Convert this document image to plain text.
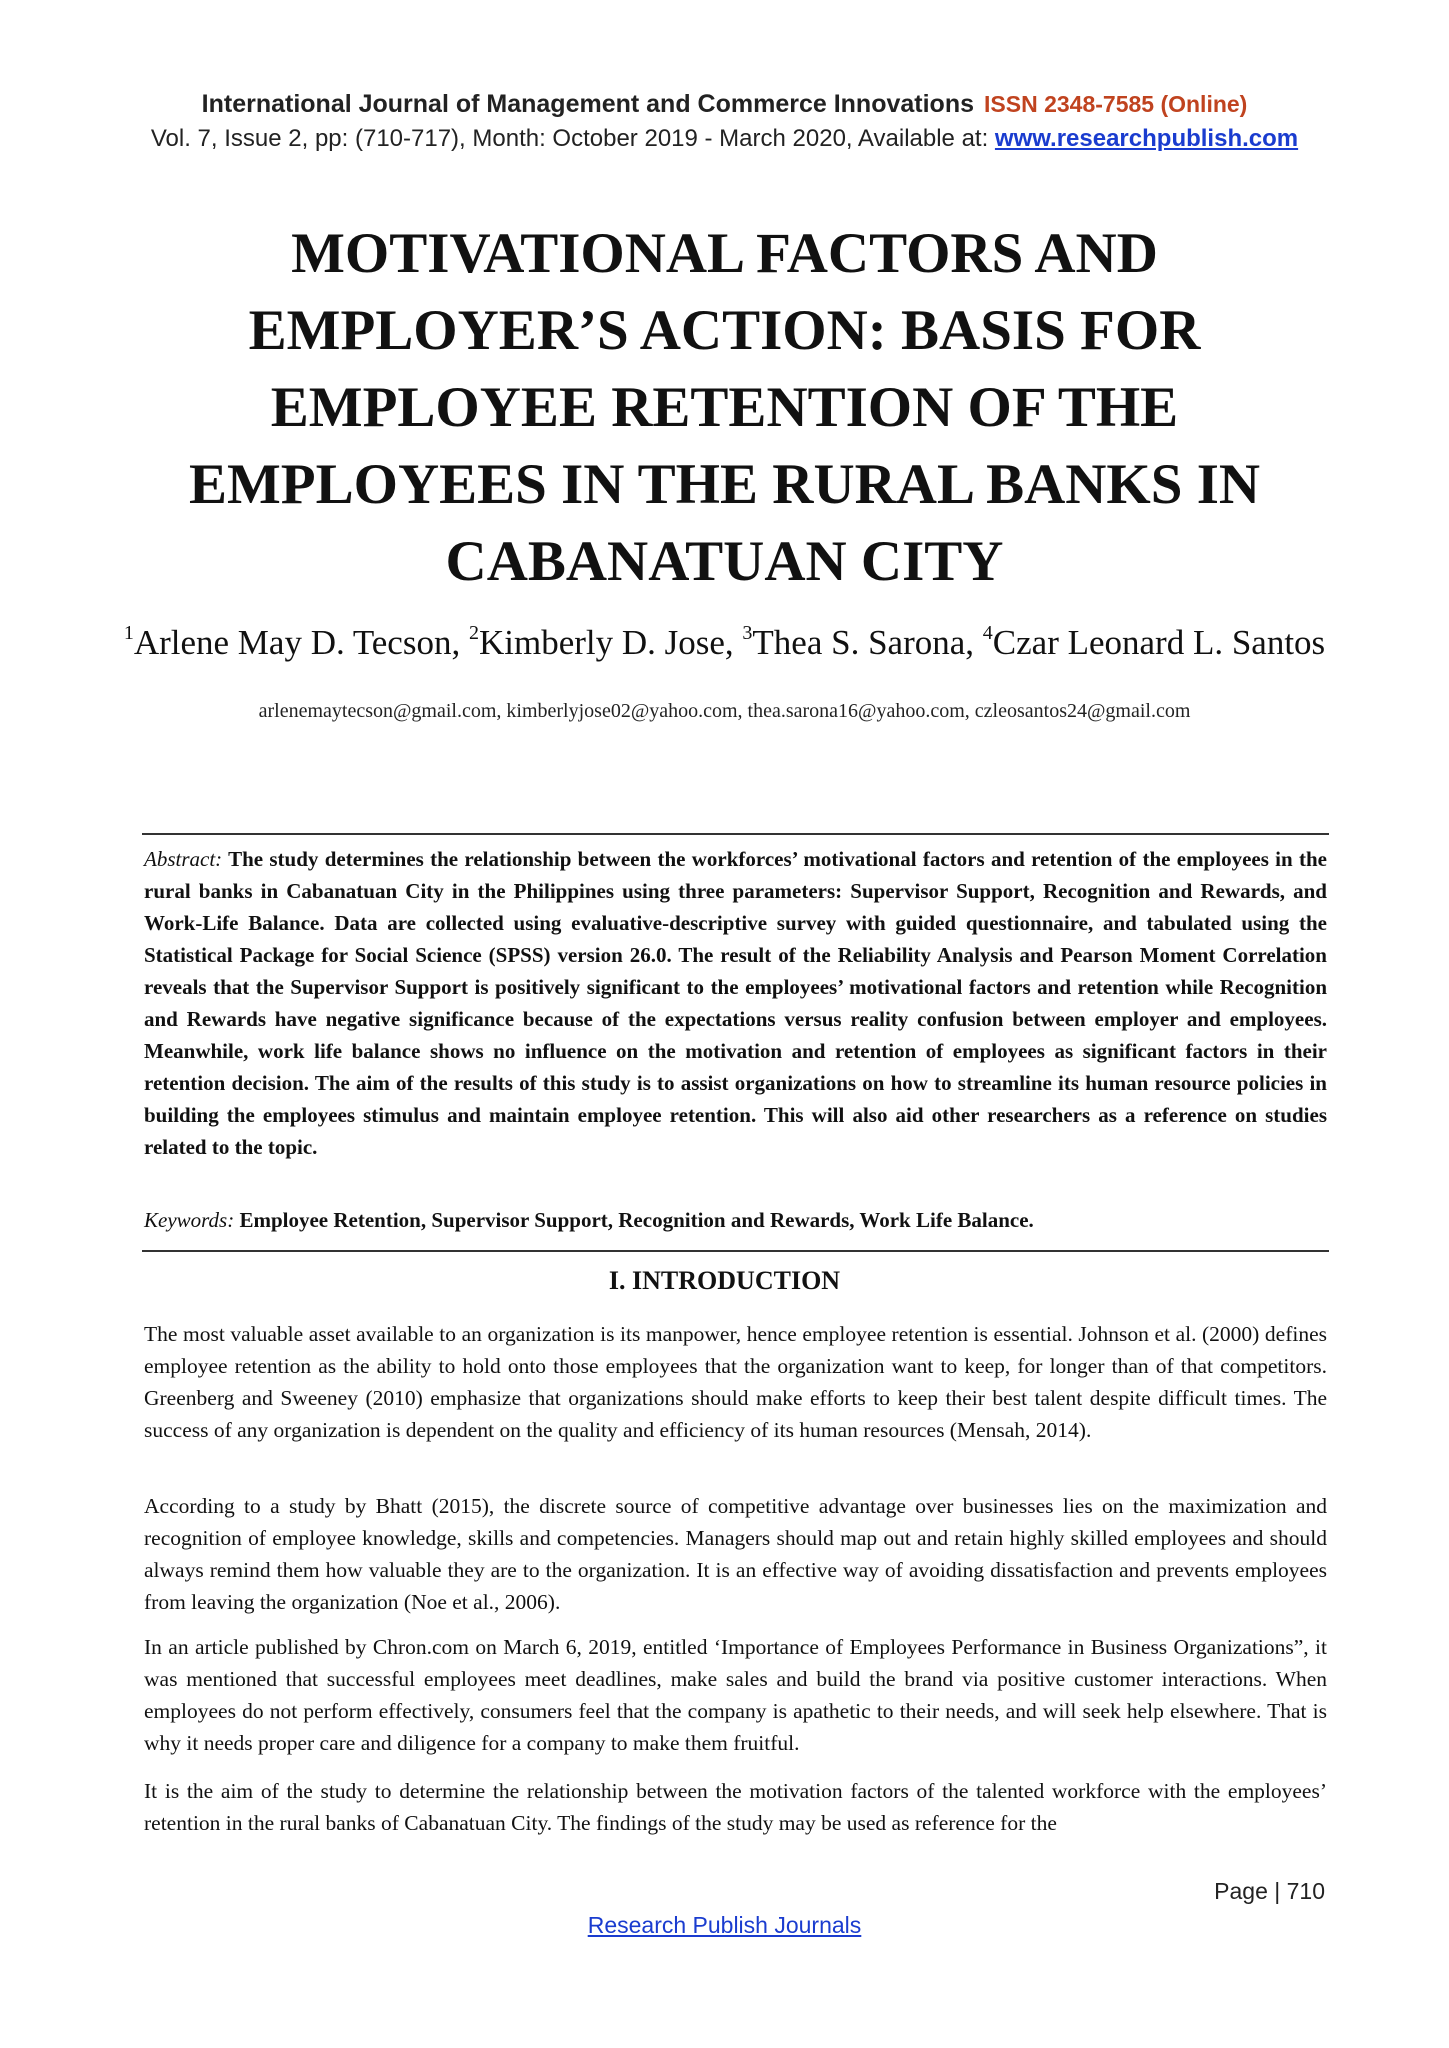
International Journal of Management and Commerce Innovations ISSN 2348-7585 (Online)
Vol. 7, Issue 2, pp: (710-717), Month: October 2019 - March 2020, Available at: www.researchpublish.com
MOTIVATIONAL FACTORS AND EMPLOYER’S ACTION: BASIS FOR EMPLOYEE RETENTION OF THE EMPLOYEES IN THE RURAL BANKS IN CABANATUAN CITY
$^1$Arlene May D. Tecson, $^2$Kimberly D. Jose, $^3$Thea S. Sarona, $^4$Czar Leonard L. Santos
arlenemaytecson@gmail.com, kimberlyjose02@yahoo.com, thea.sarona16@yahoo.com, czleosantos24@gmail.com
Abstract: The study determines the relationship between the workforces’ motivational factors and retention of the employees in the rural banks in Cabanatuan City in the Philippines using three parameters: Supervisor Support, Recognition and Rewards, and Work-Life Balance. Data are collected using evaluative-descriptive survey with guided questionnaire, and tabulated using the Statistical Package for Social Science (SPSS) version 26.0. The result of the Reliability Analysis and Pearson Moment Correlation reveals that the Supervisor Support is positively significant to the employees’ motivational factors and retention while Recognition and Rewards have negative significance because of the expectations versus reality confusion between employer and employees. Meanwhile, work life balance shows no influence on the motivation and retention of employees as significant factors in their retention decision. The aim of the results of this study is to assist organizations on how to streamline its human resource policies in building the employees stimulus and maintain employee retention. This will also aid other researchers as a reference on studies related to the topic.
Keywords: Employee Retention, Supervisor Support, Recognition and Rewards, Work Life Balance.
I. INTRODUCTION

The most valuable asset available to an organization is its manpower, hence employee retention is essential. Johnson et al. (2000) defines employee retention as the ability to hold onto those employees that the organization want to keep, for longer than of that competitors. Greenberg and Sweeney (2010) emphasize that organizations should make efforts to keep their best talent despite difficult times. The success of any organization is dependent on the quality and efficiency of its human resources (Mensah, 2014).

According to a study by Bhatt (2015), the discrete source of competitive advantage over businesses lies on the maximization and recognition of employee knowledge, skills and competencies. Managers should map out and retain highly skilled employees and should always remind them how valuable they are to the organization. It is an effective way of avoiding dissatisfaction and prevents employees from leaving the organization (Noe et al., 2006).

In an article published by Chron.com on March 6, 2019, entitled ‘Importance of Employees Performance in Business Organizations”, it was mentioned that successful employees meet deadlines, make sales and build the brand via positive customer interactions. When employees do not perform effectively, consumers feel that the company is apathetic to their needs, and will seek help elsewhere. That is why it needs proper care and diligence for a company to make them fruitful.

It is the aim of the study to determine the relationship between the motivation factors of the talented workforce with the employees’ retention in the rural banks of Cabanatuan City. The findings of the study may be used as reference for the

Page | 710
Research Publish Journals
